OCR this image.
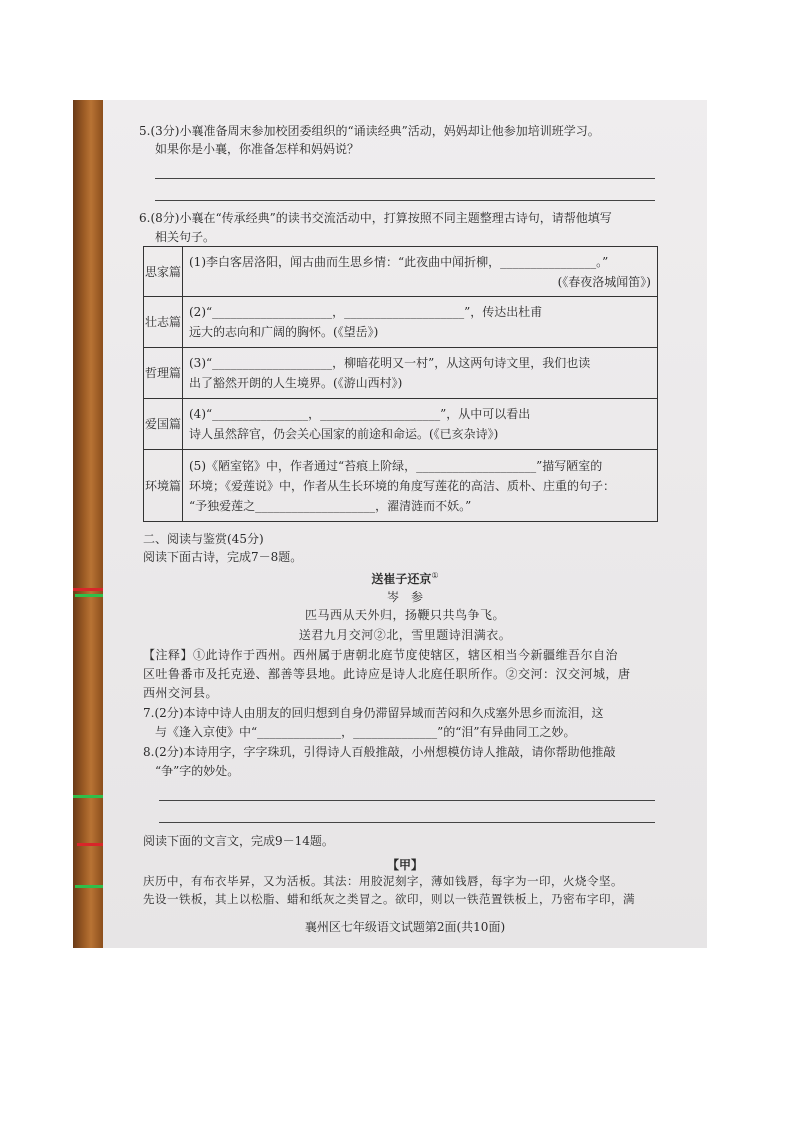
5.(3分)小襄准备周末参加校团委组织的“诵读经典”活动，妈妈却让他参加培训班学习。
如果你是小襄，你准备怎样和妈妈说？
6.(8分)小襄在“传承经典”的读书交流活动中，打算按照不同主题整理古诗句，请帮他填写
相关句子。
思家篇	(1)李白客居洛阳，闻古曲而生思乡情：“此夜曲中闻折柳，________________。”
(《春夜洛城闻笛》)

壮志篇	(2)“____________________，____________________”，传达出杜甫
远大的志向和广阔的胸怀。(《望岳》)

哲理篇	(3)“____________________，柳暗花明又一村”，从这两句诗文里，我们也读
出了豁然开朗的人生境界。(《游山西村》)

爱国篇	(4)“________________，____________________”，从中可以看出
诗人虽然辞官，仍会关心国家的前途和命运。(《已亥杂诗》)

环境篇	(5)《陋室铭》中，作者通过“苔痕上阶绿，____________________”描写陋室的
环境；《爱莲说》中，作者从生长环境的角度写莲花的高洁、质朴、庄重的句子：
“予独爱莲之____________________，濯清涟而不妖。”
二、阅读与鉴赏(45分)
阅读下面古诗，完成7－8题。
送崔子还京①
岑　参
匹马西从天外归，扬鞭只共鸟争飞。
送君九月交河②北，雪里题诗泪满衣。
【注释】①此诗作于西州。西州属于唐朝北庭节度使辖区，辖区相当今新疆维吾尔自治
区吐鲁番市及托克逊、鄯善等县地。此诗应是诗人北庭任职所作。②交河：汉交河城，唐
西州交河县。
7.(2分)本诗中诗人由朋友的回归想到自身仍滞留异域而苦闷和久戍塞外思乡而流泪，这
与《逢入京使》中“______________，______________”的“泪”有异曲同工之妙。
8.(2分)本诗用字，字字珠玑，引得诗人百般推敲，小州想模仿诗人推敲，请你帮助他推敲
“争”字的妙处。
阅读下面的文言文，完成9－14题。
【甲】
庆历中，有布衣毕昇，又为活板。其法：用胶泥刻字，薄如钱唇，每字为一印，火烧令坚。
先设一铁板，其上以松脂、蜡和纸灰之类冒之。欲印，则以一铁范置铁板上，乃密布字印，满
襄州区七年级语文试题第2面(共10面)
